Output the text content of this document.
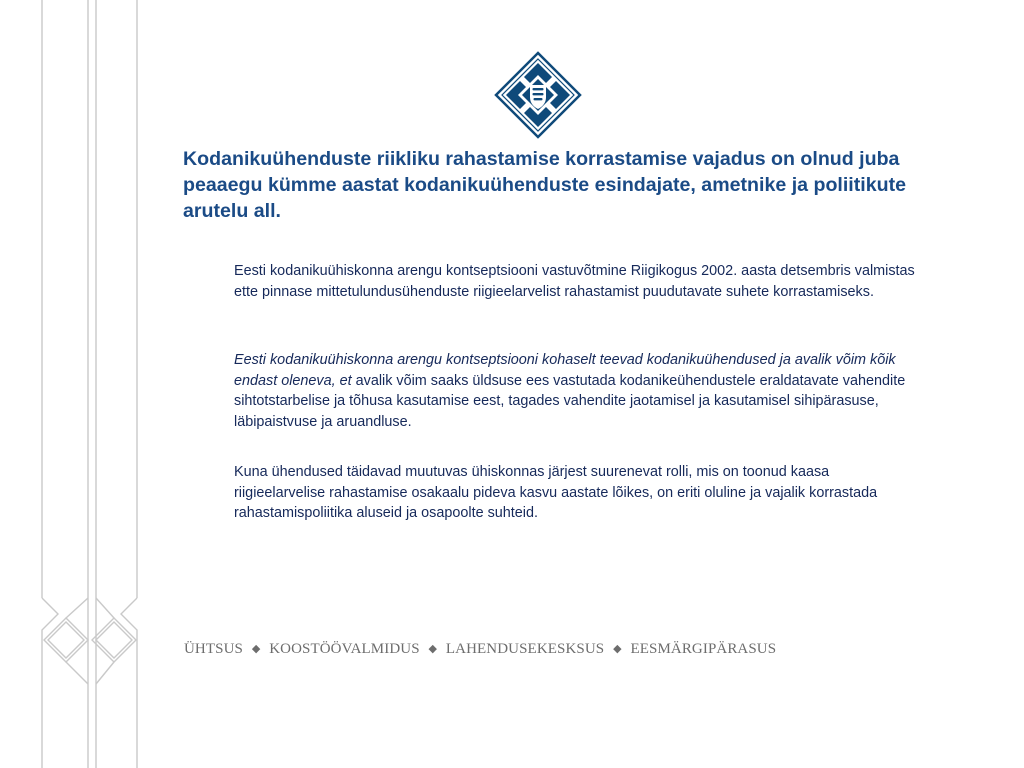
Kodanikuühenduste riikliku rahastamise korrastamise vajadus on olnud juba peaaegu kümme aastat kodanikuühenduste esindajate, ametnike ja poliitikute arutelu all.

Eesti kodanikuühiskonna arengu kontseptsiooni vastuvõtmine Riigikogus 2002. aasta detsembris valmistas ette pinnase mittetulundusühenduste riigieelarvelist rahastamist puudutavate suhete korrastamiseks.

Eesti kodanikuühiskonna arengu kontseptsiooni kohaselt teevad kodanikuühendused ja avalik võim kõik endast oleneva, et avalik võim saaks üldsuse ees vastutada kodanikeühendustele eraldatavate vahendite sihtotstarbelise ja tõhusa kasutamise eest, tagades vahendite jaotamisel ja kasutamisel sihipärasuse, läbipaistvuse ja aruandluse.

Kuna ühendused täidavad muutuvas ühiskonnas järjest suurenevat rolli, mis on toonud kaasa riigieelarvelise rahastamise osakaalu pideva kasvu aastate lõikes, on eriti oluline ja vajalik korrastada rahastamispoliitika aluseid ja osapoolte suhteid.

ÜHTSUS ◆ KOOSTÖÖVALMIDUS ◆ LAHENDUSEKESKSUS ◆ EESMÄRGIPÄRASUS
